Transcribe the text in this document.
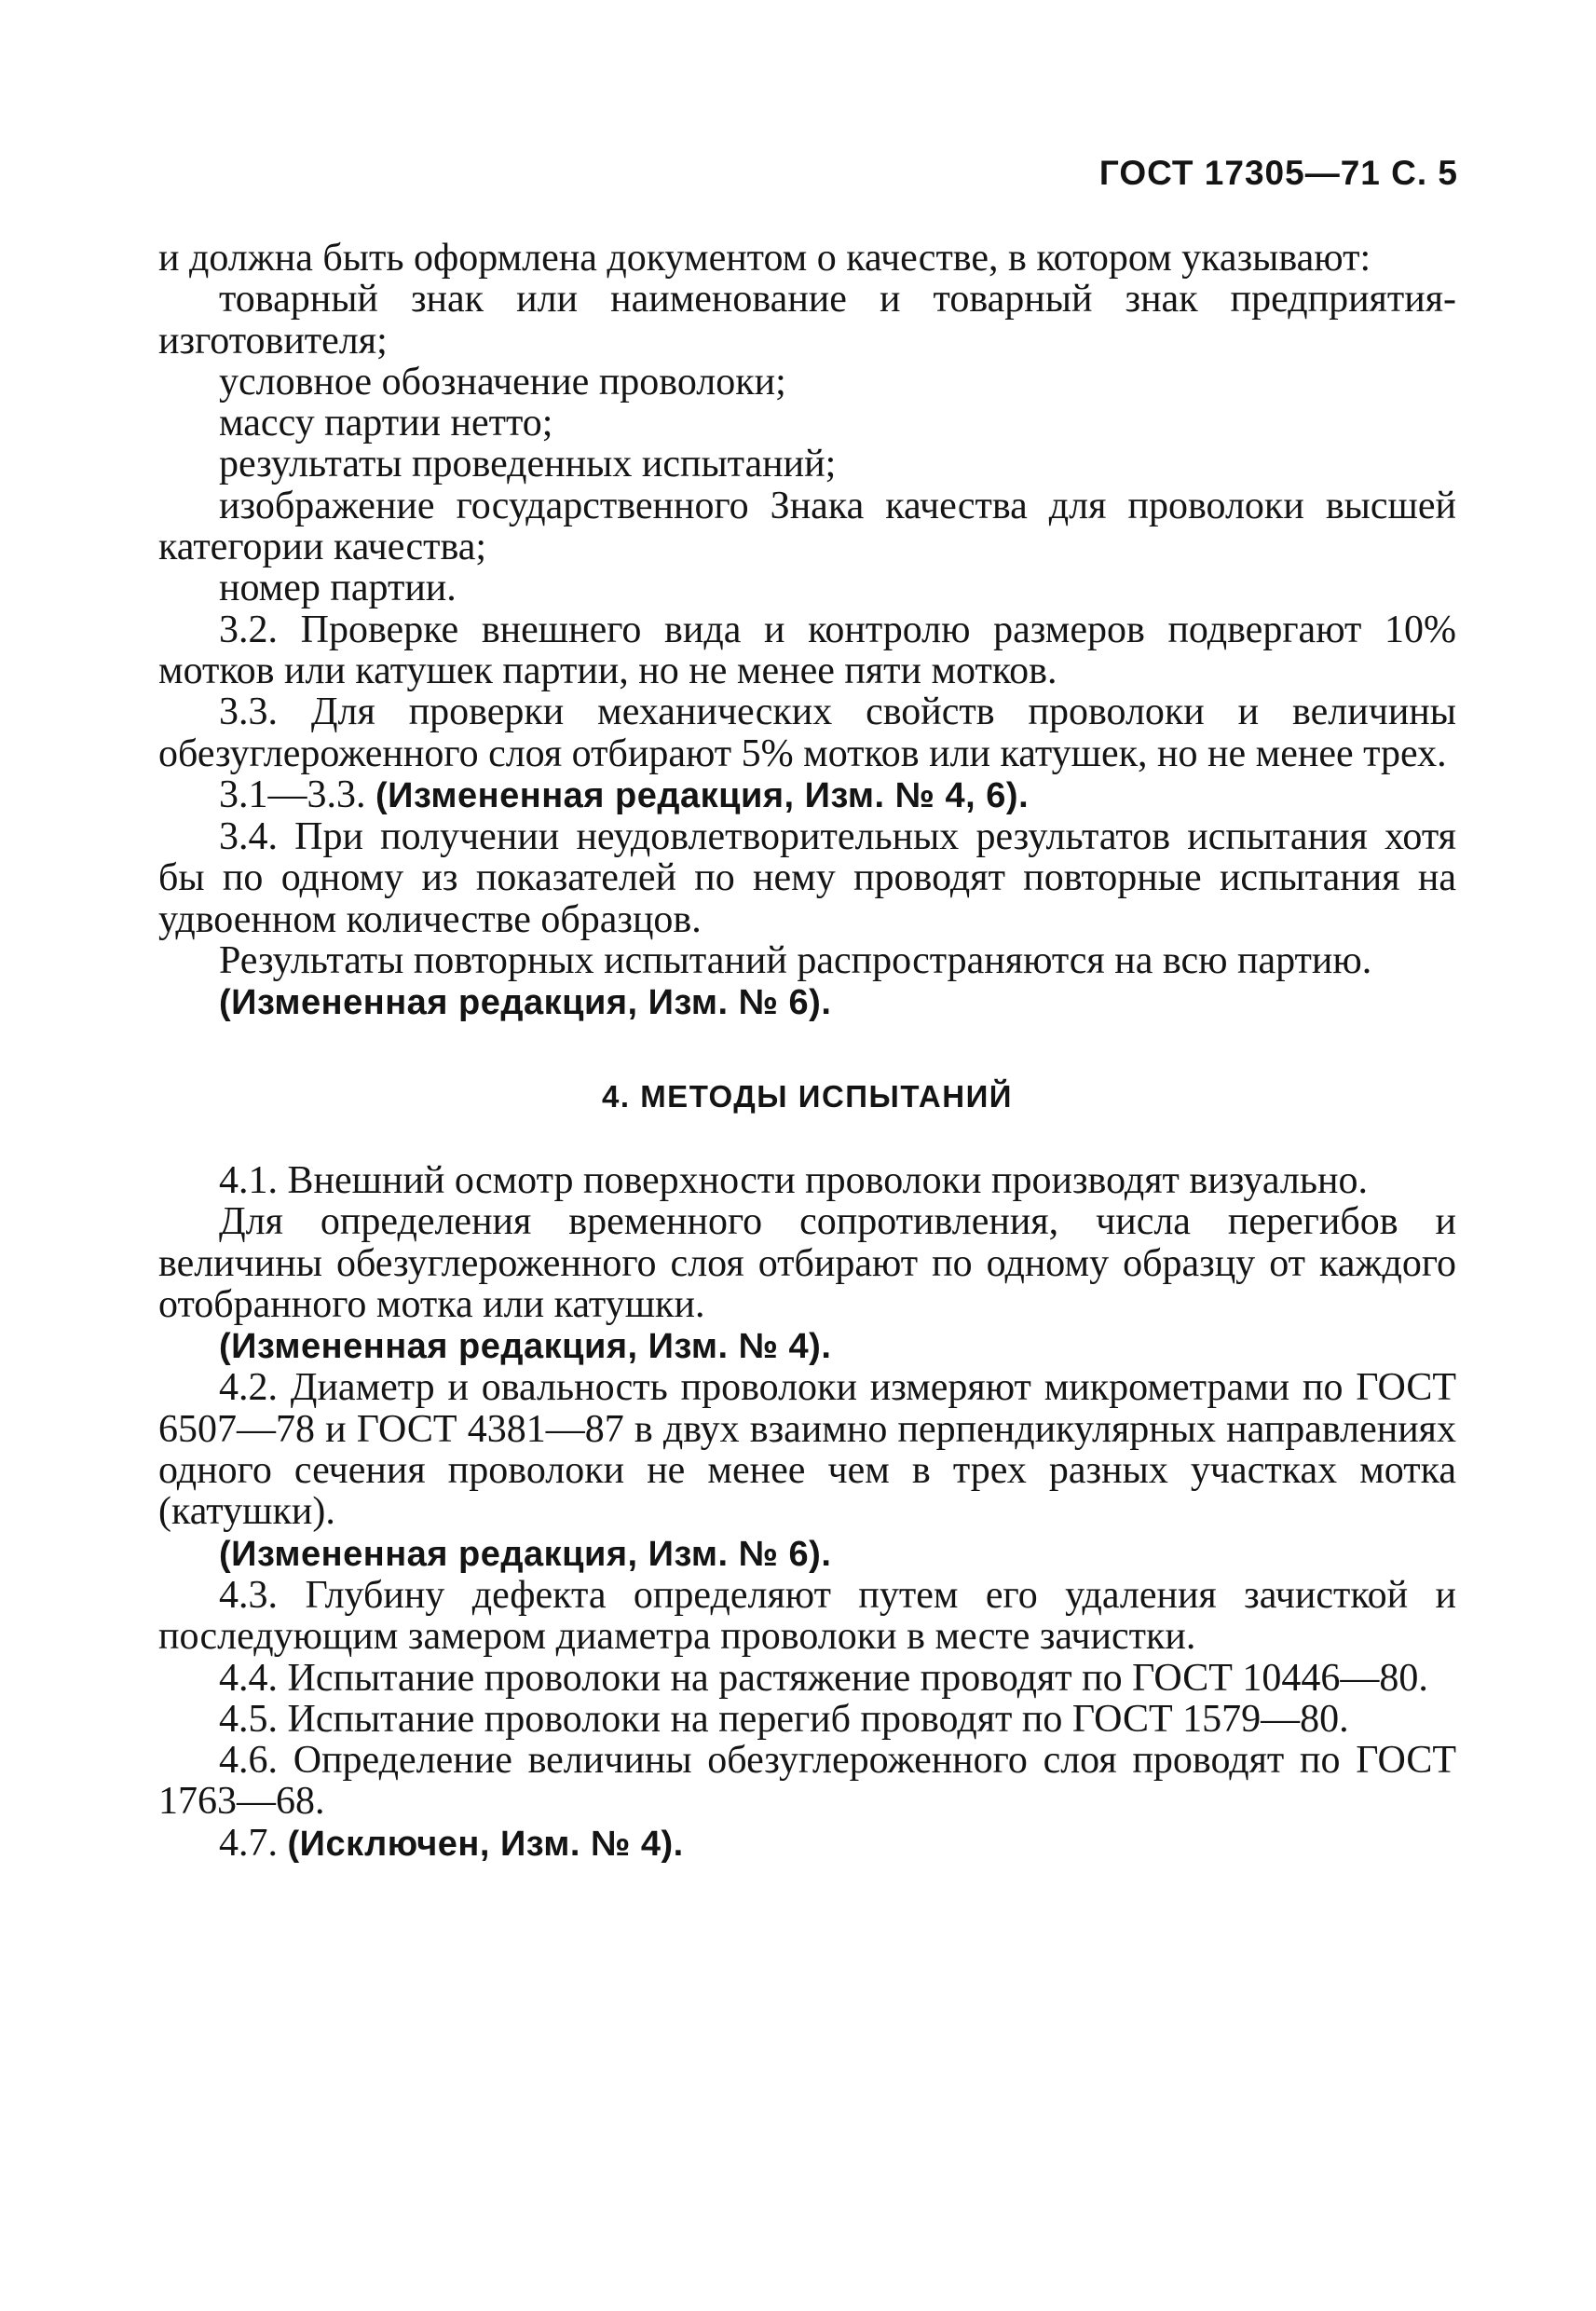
ГОСТ 17305—71 С. 5

и должна быть оформлена документом о качестве, в котором указывают:

товарный знак или наименование и товарный знак предприятия-изготовителя;

условное обозначение проволоки;

массу партии нетто;

результаты проведенных испытаний;

изображение государственного Знака качества для проволоки высшей категории качества;

номер партии.

3.2. Проверке внешнего вида и контролю размеров подвергают 10% мотков или катушек партии, но не менее пяти мотков.

3.3. Для проверки механических свойств проволоки и величины обезуглероженного слоя отбирают 5% мотков или катушек, но не менее трех.

3.1—3.3. (Измененная редакция, Изм. № 4, 6).

3.4. При получении неудовлетворительных результатов испытания хотя бы по одному из показателей по нему проводят повторные испытания на удвоенном количестве образцов.

Результаты повторных испытаний распространяются на всю партию.

(Измененная редакция, Изм. № 6).

4. МЕТОДЫ ИСПЫТАНИЙ

4.1. Внешний осмотр поверхности проволоки производят визуально.

Для определения временного сопротивления, числа перегибов и величины обезуглероженного слоя отбирают по одному образцу от каждого отобранного мотка или катушки.

(Измененная редакция, Изм. № 4).

4.2. Диаметр и овальность проволоки измеряют микрометрами по ГОСТ 6507—78 и ГОСТ 4381—87 в двух взаимно перпендикулярных направлениях одного сечения проволоки не менее чем в трех разных участках мотка (катушки).

(Измененная редакция, Изм. № 6).

4.3. Глубину дефекта определяют путем его удаления зачисткой и последующим замером диаметра проволоки в месте зачистки.

4.4. Испытание проволоки на растяжение проводят по ГОСТ 10446—80.

4.5. Испытание проволоки на перегиб проводят по ГОСТ 1579—80.

4.6. Определение величины обезуглероженного слоя проводят по ГОСТ 1763—68.

4.7. (Исключен, Изм. № 4).
